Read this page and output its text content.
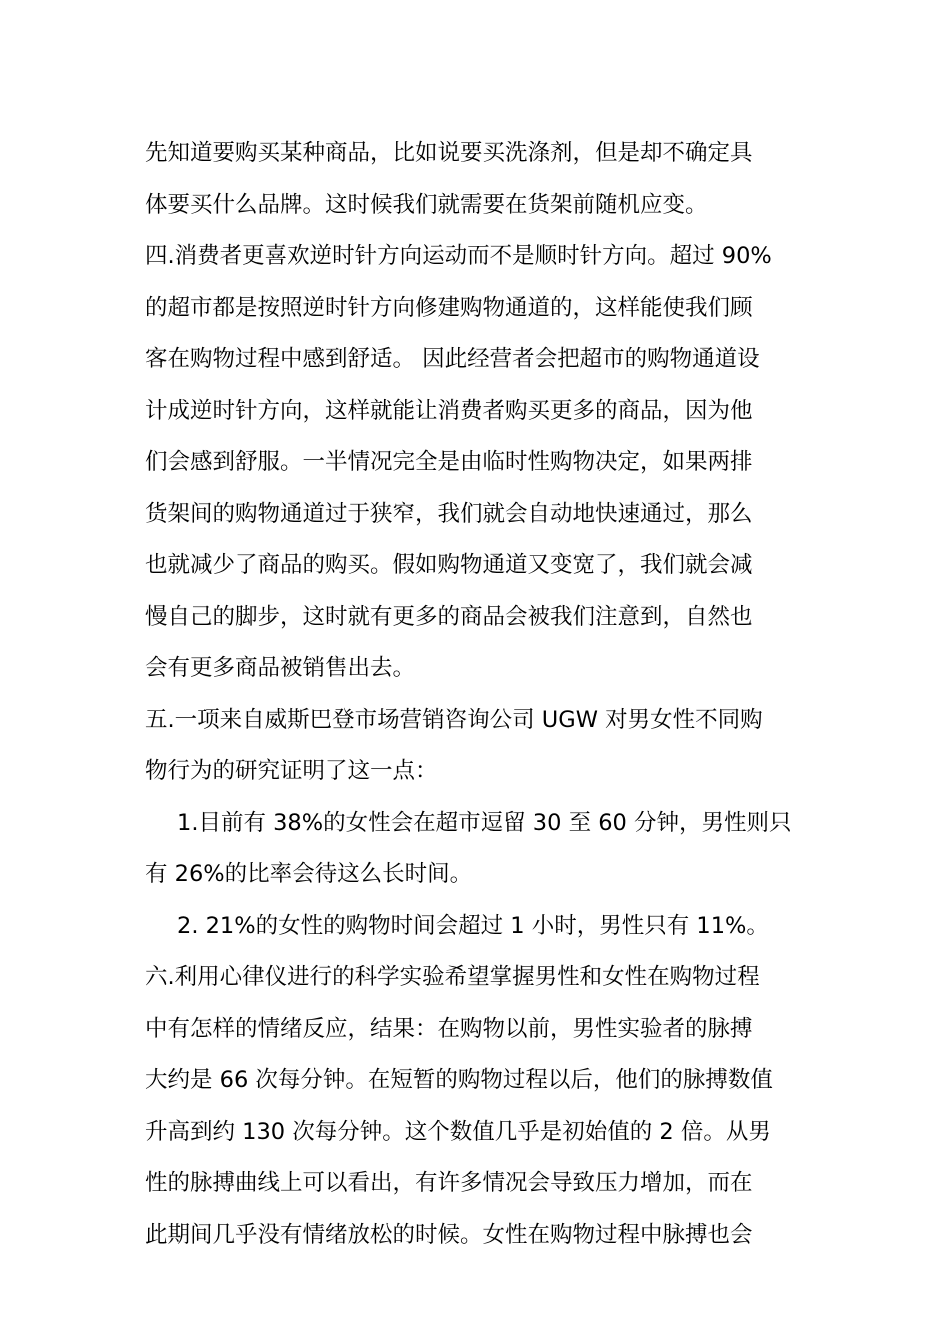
先知道要购买某种商品，比如说要买洗涤剂，但是却不确定具
体要买什么品牌。这时候我们就需要在货架前随机应变。
四.消费者更喜欢逆时针方向运动而不是顺时针方向。超过 90%
的超市都是按照逆时针方向修建购物通道的，这样能使我们顾
客在购物过程中感到舒适。 因此经营者会把超市的购物通道设
计成逆时针方向，这样就能让消费者购买更多的商品，因为他
们会感到舒服。一半情况完全是由临时性购物决定，如果两排
货架间的购物通道过于狭窄，我们就会自动地快速通过，那么
也就减少了商品的购买。假如购物通道又变宽了，我们就会减
慢自己的脚步，这时就有更多的商品会被我们注意到，自然也
会有更多商品被销售出去。
五.一项来自威斯巴登市场营销咨询公司 UGW 对男女性不同购
物行为的研究证明了这一点：
1.目前有 38%的女性会在超市逗留 30 至 60 分钟，男性则只
有 26%的比率会待这么长时间。
2. 21%的女性的购物时间会超过 1 小时，男性只有 11%。
六.利用心律仪进行的科学实验希望掌握男性和女性在购物过程
中有怎样的情绪反应，结果：在购物以前，男性实验者的脉搏
大约是 66 次每分钟。在短暂的购物过程以后，他们的脉搏数值
升高到约 130 次每分钟。这个数值几乎是初始值的 2 倍。从男
性的脉搏曲线上可以看出，有许多情况会导致压力增加，而在
此期间几乎没有情绪放松的时候。女性在购物过程中脉搏也会
